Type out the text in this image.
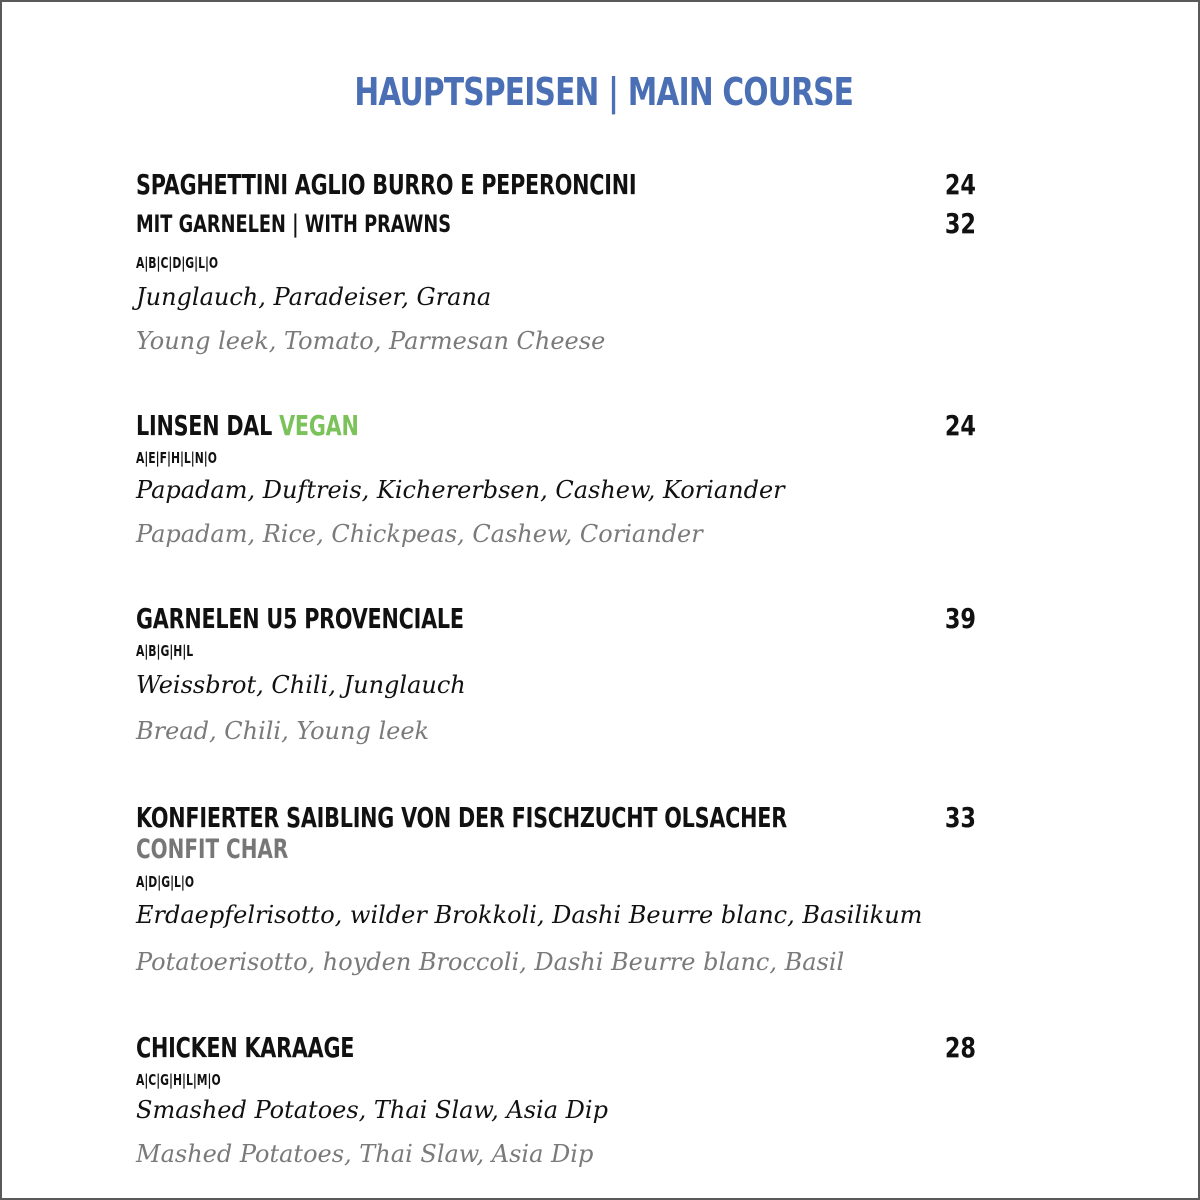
HAUPTSPEISEN | MAIN COURSE
SPAGHETTINI AGLIO BURRO E PEPERONCINI	24
MIT GARNELEN | WITH PRAWNS	32
A|B|C|D|G|L|O
Junglauch, Paradeiser, Grana
Young leek, Tomato, Parmesan Cheese
LINSEN DAL VEGAN	24
A|E|F|H|L|N|O
Papadam, Duftreis, Kichererbsen, Cashew, Koriander
Papadam, Rice, Chickpeas, Cashew, Coriander
GARNELEN U5 PROVENCIALE	39
A|B|G|H|L
Weissbrot, Chili, Junglauch
Bread, Chili, Young leek
KONFIERTER SAIBLING VON DER FISCHZUCHT OLSACHER	33
CONFIT CHAR
A|D|G|L|O
Erdaepfelrisotto, wilder Brokkoli, Dashi Beurre blanc, Basilikum
Potatoerisotto, hoyden Broccoli, Dashi Beurre blanc, Basil
CHICKEN KARAAGE	28
A|C|G|H|L|M|O
Smashed Potatoes, Thai Slaw, Asia Dip
Mashed Potatoes, Thai Slaw, Asia Dip
